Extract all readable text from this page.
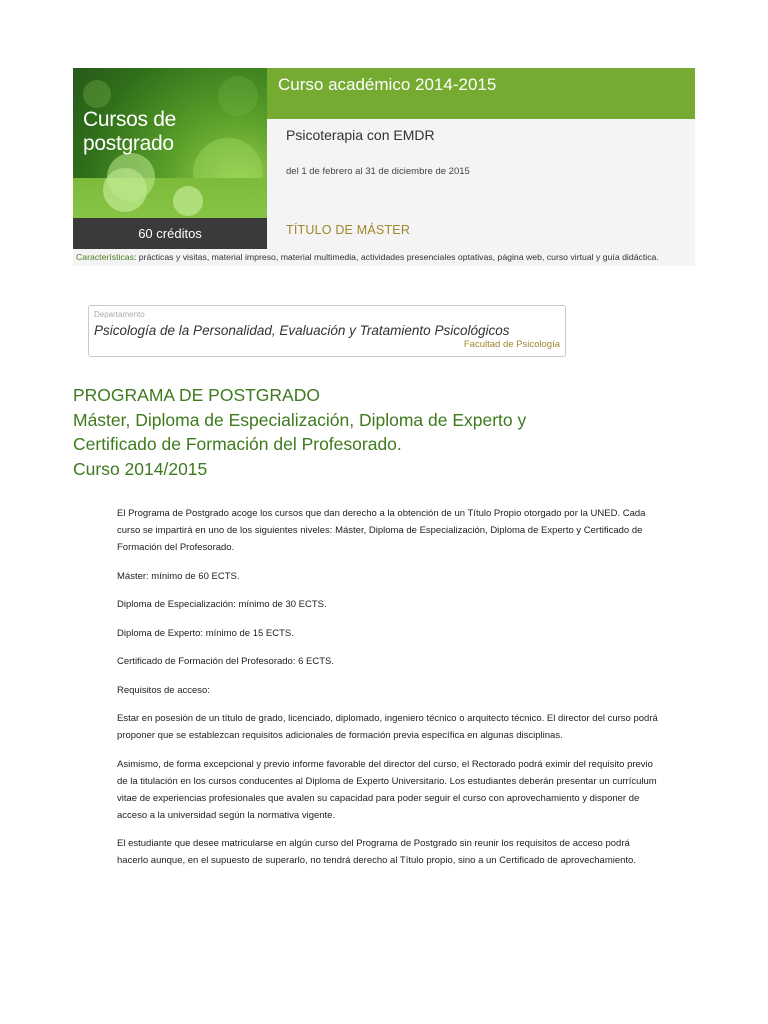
Cursos de postgrado
60 créditos
Curso académico 2014-2015
Psicoterapia con EMDR
del 1 de febrero al 31 de diciembre de 2015
TÍTULO DE MÁSTER
Características: prácticas y visitas, material impreso, material multimedia, actividades presenciales optativas, página web, curso virtual y guía didáctica.
Departamento
Psicología de la Personalidad, Evaluación y Tratamiento Psicológicos
Facultad de Psicología
PROGRAMA DE POSTGRADO
Máster, Diploma de Especialización, Diploma de Experto y
Certificado de Formación del Profesorado.
Curso 2014/2015

El Programa de Postgrado acoge los cursos que dan derecho a la obtención de un Título Propio otorgado por la UNED. Cada curso se impartirá en uno de los siguientes niveles: Máster, Diploma de Especialización, Diploma de Experto y Certificado de Formación del Profesorado.

Máster: mínimo de 60 ECTS.

Diploma de Especialización: mínimo de 30 ECTS.

Diploma de Experto: mínimo de 15 ECTS.

Certificado de Formación del Profesorado: 6 ECTS.

Requisitos de acceso:

Estar en posesión de un título de grado, licenciado, diplomado, ingeniero técnico o arquitecto técnico. El director del curso podrá proponer que se establezcan requisitos adicionales de formación previa específica en algunas disciplinas.

Asimismo, de forma excepcional y previo informe favorable del director del curso, el Rectorado podrá eximir del requisito previo de la titulación en los cursos conducentes al Diploma de Experto Universitario. Los estudiantes deberán presentar un currículum vitae de experiencias profesionales que avalen su capacidad para poder seguir el curso con aprovechamiento y disponer de acceso a la universidad según la normativa vigente.

El estudiante que desee matricularse en algún curso del Programa de Postgrado sin reunir los requisitos de acceso podrá hacerlo aunque, en el supuesto de superarlo, no tendrá derecho al Título propio, sino a un Certificado de aprovechamiento.
